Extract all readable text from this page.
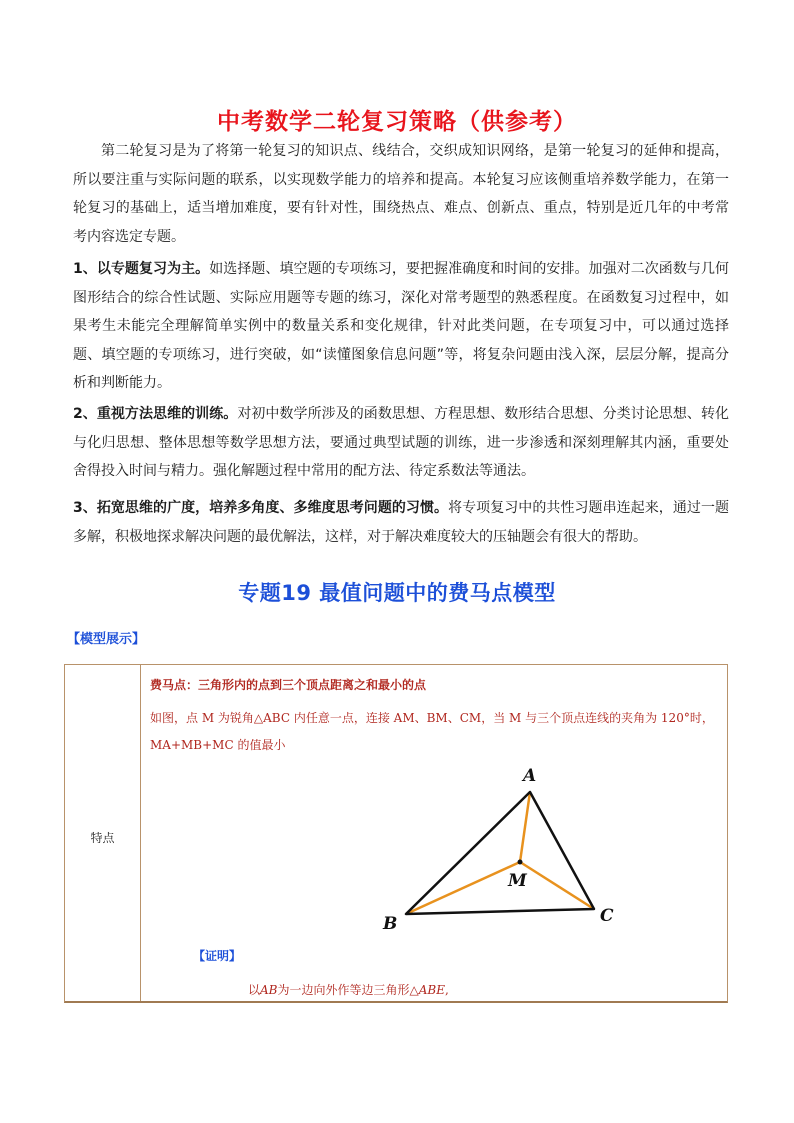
中考数学二轮复习策略（供参考）
第二轮复习是为了将第一轮复习的知识点、线结合，交织成知识网络，是第一轮复习的延伸和提高，所以要注重与实际问题的联系，以实现数学能力的培养和提高。本轮复习应该侧重培养数学能力，在第一轮复习的基础上，适当增加难度，要有针对性，围绕热点、难点、创新点、重点，特别是近几年的中考常考内容选定专题。
1、以专题复习为主。如选择题、填空题的专项练习，要把握准确度和时间的安排。加强对二次函数与几何图形结合的综合性试题、实际应用题等专题的练习，深化对常考题型的熟悉程度。在函数复习过程中，如果考生未能完全理解简单实例中的数量关系和变化规律，针对此类问题，在专项复习中，可以通过选择题、填空题的专项练习，进行突破，如“读懂图象信息问题”等，将复杂问题由浅入深，层层分解，提高分析和判断能力。
2、重视方法思维的训练。对初中数学所涉及的函数思想、方程思想、数形结合思想、分类讨论思想、转化与化归思想、整体思想等数学思想方法，要通过典型试题的训练，进一步渗透和深刻理解其内涵，重要处舍得投入时间与精力。强化解题过程中常用的配方法、待定系数法等通法。
3、拓宽思维的广度，培养多角度、多维度思考问题的习惯。将专项复习中的共性习题串连起来，通过一题多解，积极地探求解决问题的最优解法，这样，对于解决难度较大的压轴题会有很大的帮助。
专题19 最值问题中的费马点模型
【模型展示】
特点
费马点：三角形内的点到三个顶点距离之和最小的点
如图，点 M 为锐角△ABC 内任意一点，连接 AM、BM、CM，当 M 与三个顶点连线的夹角为 120°时，MA+MB+MC 的值最小
A
B	C
M
【证明】
以AB为一边向外作等边三角形△ABE,
